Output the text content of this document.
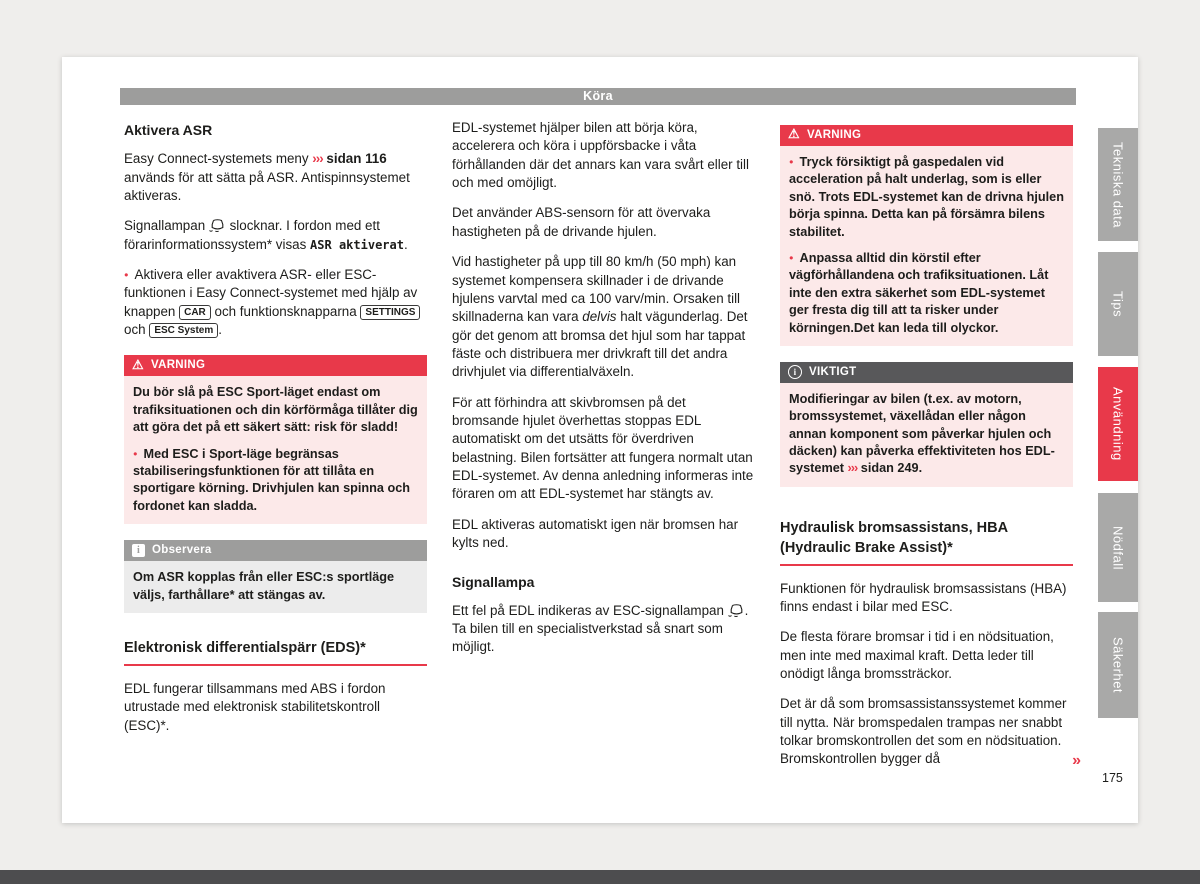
Köra
Aktivera ASR

Easy Connect-systemets meny ››› sidan 116 används för att sätta på ASR. Antispinnsystemet aktiveras.

Signallampan  slocknar. I fordon med ett förarinformationssystem* visas ASR aktiverat.

● Aktivera eller avaktivera ASR- eller ESC-funktionen i Easy Connect-systemet med hjälp av knappen CAR och funktionsknapparna SETTINGS och ESC System .

⚠
VARNING

Du bör slå på ESC Sport-läget endast om trafiksituationen och din körförmåga tillåter dig att göra det på ett säkert sätt: risk för sladd!

● Med ESC i Sport-läge begränsas stabiliseringsfunktionen för att tillåta en sportigare körning. Drivhjulen kan spinna och fordonet kan sladda.

i
Observera

Om ASR kopplas från eller ESC:s sportläge väljs, farthållare* att stängas av.

Elektronisk differentialspärr (EDS)*

EDL fungerar tillsammans med ABS i fordon utrustade med elektronisk stabilitetskontroll (ESC)*.

EDL-systemet hjälper bilen att börja köra, accelerera och köra i uppförsbacke i våta förhållanden där det annars kan vara svårt eller till och med omöjligt.

Det använder ABS-sensorn för att övervaka hastigheten på de drivande hjulen.

Vid hastigheter på upp till 80 km/h (50 mph) kan systemet kompensera skillnader i de drivande hjulens varvtal med ca 100 varv/min. Orsaken till skillnaderna kan vara delvis halt vägunderlag. Det gör det genom att bromsa det hjul som har tappat fäste och distribuera mer drivkraft till det andra drivhjulet via differentialväxeln.

För att förhindra att skivbromsen på det bromsande hjulet överhettas stoppas EDL automatiskt om det utsätts för överdriven belastning. Bilen fortsätter att fungera normalt utan EDL-systemet. Av denna anledning informeras inte föraren om att EDL-systemet har stängts av.

EDL aktiveras automatiskt igen när bromsen har kylts ned.

Signallampa

Ett fel på EDL indikeras av ESC-signallampan . Ta bilen till en specialistverkstad så snart som möjligt.

⚠
VARNING

● Tryck försiktigt på gaspedalen vid acceleration på halt underlag, som is eller snö. Trots EDL-systemet kan de drivna hjulen börja spinna. Detta kan på försämra bilens stabilitet.

● Anpassa alltid din körstil efter vägförhållandena och trafiksituationen. Låt inte den extra säkerhet som EDL-systemet ger fresta dig till att ta risker under körningen.Det kan leda till olyckor.

i
VIKTIGT

Modifieringar av bilen (t.ex. av motorn, bromssystemet, växellådan eller någon annan komponent som påverkar hjulen och däcken) kan påverka effektiviteten hos EDL-systemet ››› sidan 249.

Hydraulisk bromsassistans, HBA (Hydraulic Brake Assist)*

Funktionen för hydraulisk bromsassistans (HBA) finns endast i bilar med ESC.

De flesta förare bromsar i tid i en nödsituation, men inte med maximal kraft. Detta leder till onödigt långa bromssträckor.

Det är då som bromsassistanssystemet kommer till nytta. När bromspedalen trampas ner snabbt tolkar bromskontrollen det som en nödsituation. Bromskontrollen bygger då	»

175
Tekniska data
Tips
Användning
Nödfall
Säkerhet
